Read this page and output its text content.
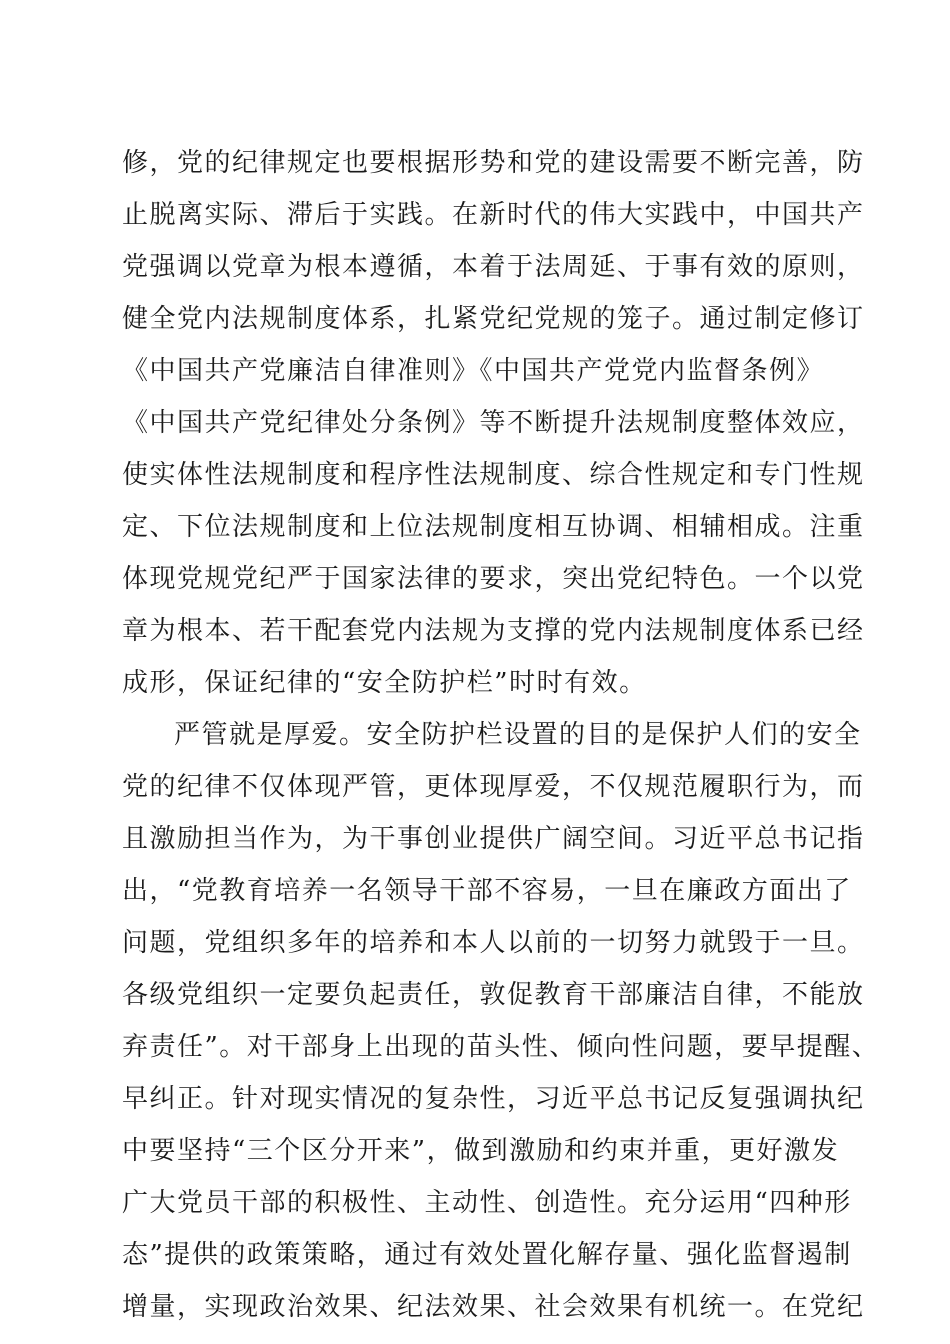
修，党的纪律规定也要根据形势和党的建设需要不断完善，防
止脱离实际、滞后于实践。在新时代的伟大实践中，中国共产
党强调以党章为根本遵循，本着于法周延、于事有效的原则，
健全党内法规制度体系，扎紧党纪党规的笼子。通过制定修订
《中国共产党廉洁自律准则》《中国共产党党内监督条例》
《中国共产党纪律处分条例》等不断提升法规制度整体效应，
使实体性法规制度和程序性法规制度、综合性规定和专门性规
定、下位法规制度和上位法规制度相互协调、相辅相成。注重
体现党规党纪严于国家法律的要求，突出党纪特色。一个以党
章为根本、若干配套党内法规为支撑的党内法规制度体系已经
成形，保证纪律的“安全防护栏”时时有效。
严管就是厚爱。安全防护栏设置的目的是保护人们的安全
党的纪律不仅体现严管，更体现厚爱，不仅规范履职行为，而
且激励担当作为，为干事创业提供广阔空间。习近平总书记指
出，“党教育培养一名领导干部不容易，一旦在廉政方面出了
问题，党组织多年的培养和本人以前的一切努力就毁于一旦。
各级党组织一定要负起责任，敦促教育干部廉洁自律，不能放
弃责任”。对干部身上出现的苗头性、倾向性问题，要早提醒、
早纠正。针对现实情况的复杂性，习近平总书记反复强调执纪
中要坚持“三个区分开来”，做到激励和约束并重，更好激发
广大党员干部的积极性、主动性、创造性。充分运用“四种形
态”提供的政策策略，通过有效处置化解存量、强化监督遏制
增量，实现政治效果、纪法效果、社会效果有机统一。在党纪
